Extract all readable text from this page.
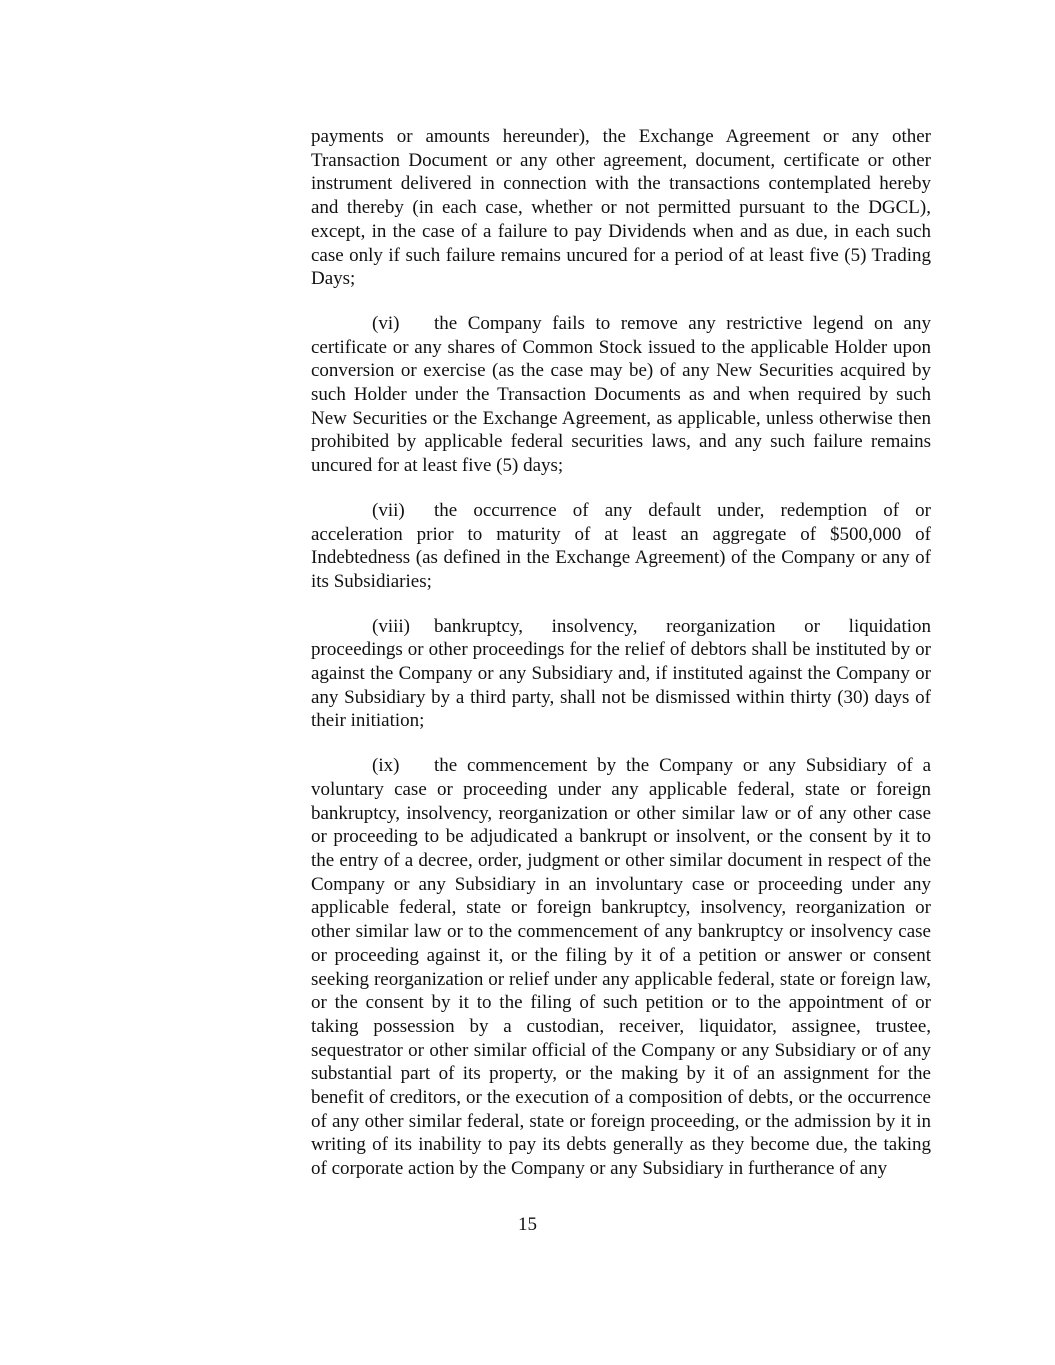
payments or amounts hereunder), the Exchange Agreement or any other Transaction Document or any other agreement, document, certificate or other instrument delivered in connection with the transactions contemplated hereby and thereby (in each case, whether or not permitted pursuant to the DGCL), except, in the case of a failure to pay Dividends when and as due, in each such case only if such failure remains uncured for a period of at least five (5) Trading Days;

(vi) the Company fails to remove any restrictive legend on any certificate or any shares of Common Stock issued to the applicable Holder upon conversion or exercise (as the case may be) of any New Securities acquired by such Holder under the Transaction Documents as and when required by such New Securities or the Exchange Agreement, as applicable, unless otherwise then prohibited by applicable federal securities laws, and any such failure remains uncured for at least five (5) days;

(vii) the occurrence of any default under, redemption of or acceleration prior to maturity of at least an aggregate of $500,000 of Indebtedness (as defined in the Exchange Agreement) of the Company or any of its Subsidiaries;

(viii) bankruptcy, insolvency, reorganization or liquidation proceedings or other proceedings for the relief of debtors shall be instituted by or against the Company or any Subsidiary and, if instituted against the Company or any Subsidiary by a third party, shall not be dismissed within thirty (30) days of their initiation;

(ix) the commencement by the Company or any Subsidiary of a voluntary case or proceeding under any applicable federal, state or foreign bankruptcy, insolvency, reorganization or other similar law or of any other case or proceeding to be adjudicated a bankrupt or insolvent, or the consent by it to the entry of a decree, order, judgment or other similar document in respect of the Company or any Subsidiary in an involuntary case or proceeding under any applicable federal, state or foreign bankruptcy, insolvency, reorganization or other similar law or to the commencement of any bankruptcy or insolvency case or proceeding against it, or the filing by it of a petition or answer or consent seeking reorganization or relief under any applicable federal, state or foreign law, or the consent by it to the filing of such petition or to the appointment of or taking possession by a custodian, receiver, liquidator, assignee, trustee, sequestrator or other similar official of the Company or any Subsidiary or of any substantial part of its property, or the making by it of an assignment for the benefit of creditors, or the execution of a composition of debts, or the occurrence of any other similar federal, state or foreign proceeding, or the admission by it in writing of its inability to pay its debts generally as they become due, the taking of corporate action by the Company or any Subsidiary in furtherance of any

15
